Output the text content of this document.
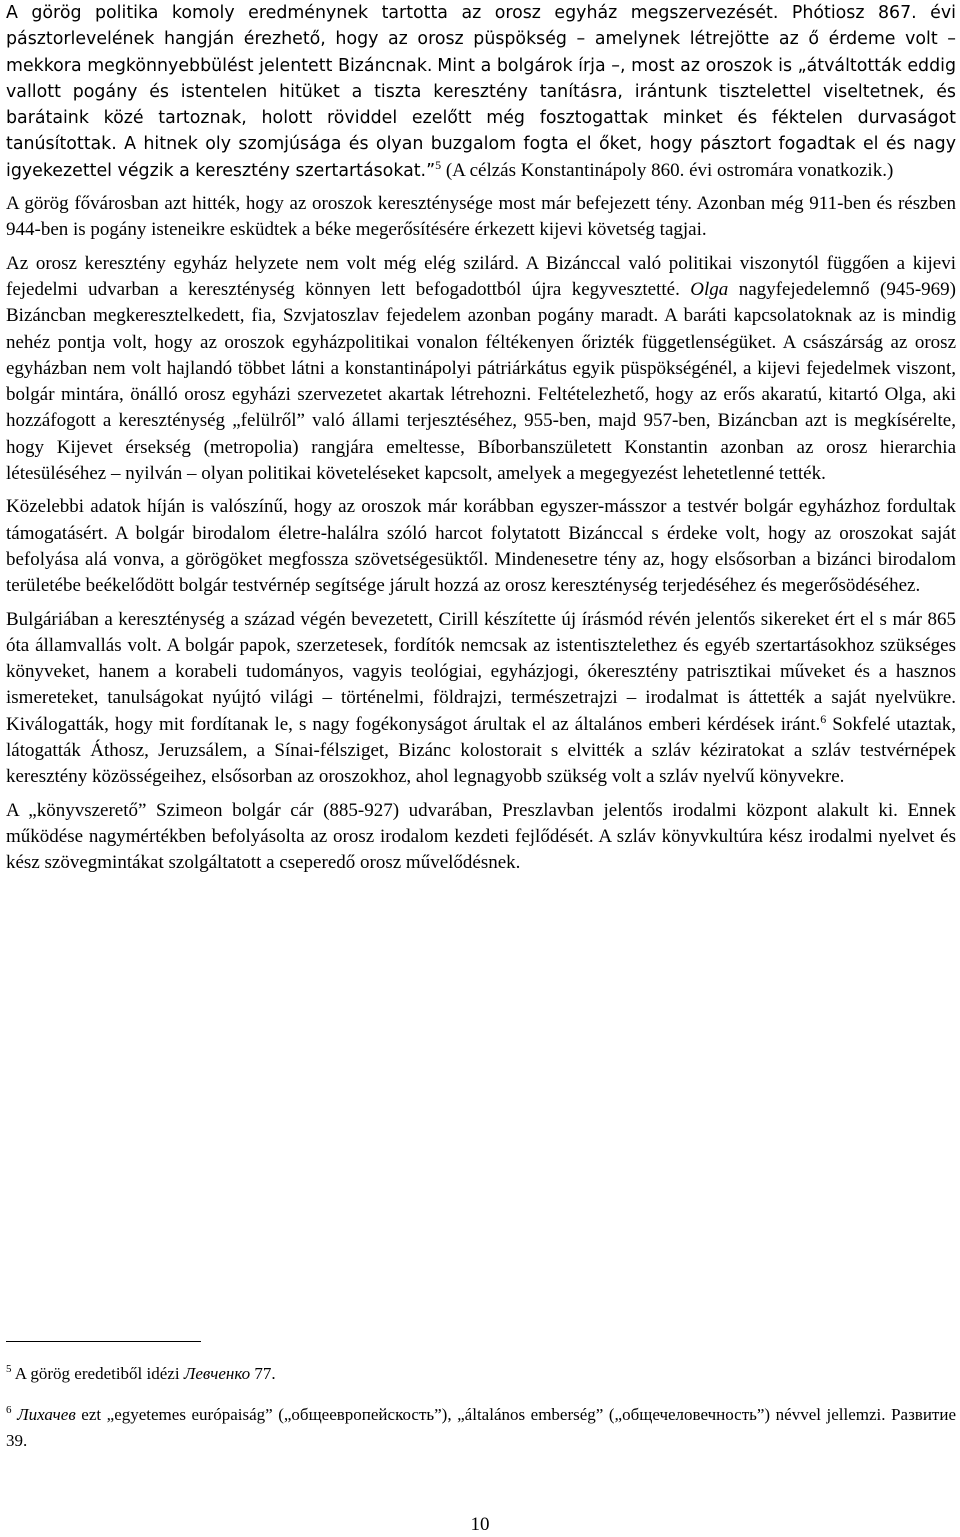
A görög politika komoly eredménynek tartotta az orosz egyház megszervezését. Phótiosz 867. évi pásztorlevelének hangján érezhető, hogy az orosz püspökség – amelynek létrejötte az ő érdeme volt – mekkora megkönnyebbülést jelentett Bizáncnak. Mint a bolgárok írja –, most az oroszok is „átváltották eddig vallott pogány és istentelen hitüket a tiszta keresztény tanításra, irántunk tisztelettel viseltetnek, és barátaink közé tartoznak, holott röviddel ezelőtt még fosztogattak minket és féktelen durvaságot tanúsítottak. A hitnek oly szomjúsága és olyan buzgalom fogta el őket, hogy pásztort fogadtak el és nagy igyekezettel végzik a keresztény szertartásokat.”$^5$ (A célzás Konstantinápoly 860. évi ostromára vonatkozik.)

A görög fővárosban azt hitték, hogy az oroszok kereszténysége most már befejezett tény. Azonban még 911-ben és részben 944-ben is pogány isteneikre esküdtek a béke megerősítésére érkezett kijevi követség tagjai.

Az orosz keresztény egyház helyzete nem volt még elég szilárd. A Bizánccal való politikai viszonytól függően a kijevi fejedelmi udvarban a kereszténység könnyen lett befogadottból újra kegyvesztetté. Olga nagyfejedelemnő (945-969) Bizáncban megkeresztelkedett, fia, Szvjatoszlav fejedelem azonban pogány maradt. A baráti kapcsolatoknak az is mindig nehéz pontja volt, hogy az oroszok egyházpolitikai vonalon féltékenyen őrizték függetlenségüket. A császárság az orosz egyházban nem volt hajlandó többet látni a konstantinápolyi pátriárkátus egyik püspökségénél, a kijevi fejedelmek viszont, bolgár mintára, önálló orosz egyházi szervezetet akartak létrehozni. Feltételezhető, hogy az erős akaratú, kitartó Olga, aki hozzáfogott a kereszténység „felülről” való állami terjesztéséhez, 955-ben, majd 957-ben, Bizáncban azt is megkísérelte, hogy Kijevet érsekség (metropolia) rangjára emeltesse, Bíborbanszületett Konstantin azonban az orosz hierarchia létesüléséhez – nyilván – olyan politikai követeléseket kapcsolt, amelyek a megegyezést lehetetlenné tették.

Közelebbi adatok híján is valószínű, hogy az oroszok már korábban egyszer-másszor a testvér bolgár egyházhoz fordultak támogatásért. A bolgár birodalom életre-halálra szóló harcot folytatott Bizánccal s érdeke volt, hogy az oroszokat saját befolyása alá vonva, a görögöket megfossza szövetségesüktől. Mindenesetre tény az, hogy elsősorban a bizánci birodalom területébe beékelődött bolgár testvérnép segítsége járult hozzá az orosz kereszténység terjedéséhez és megerősödéséhez.

Bulgáriában a kereszténység a század végén bevezetett, Cirill készítette új írásmód révén jelentős sikereket ért el s már 865 óta államvallás volt. A bolgár papok, szerzetesek, fordítók nemcsak az istentisztelethez és egyéb szertartásokhoz szükséges könyveket, hanem a korabeli tudományos, vagyis teológiai, egyházjogi, ókeresztény patrisztikai műveket és a hasznos ismereteket, tanulságokat nyújtó világi – történelmi, földrajzi, természetrajzi – irodalmat is áttették a saját nyelvükre. Kiválogatták, hogy mit fordítanak le, s nagy fogékonyságot árultak el az általános emberi kérdések iránt.$^6$ Sokfelé utaztak, látogatták Áthosz, Jeruzsálem, a Sínai-félsziget, Bizánc kolostorait s elvitték a szláv kéziratokat a szláv testvérnépek keresztény közösségeihez, elsősorban az oroszokhoz, ahol legnagyobb szükség volt a szláv nyelvű könyvekre.

A „könyvszerető” Szimeon bolgár cár (885-927) udvarában, Preszlavban jelentős irodalmi központ alakult ki. Ennek működése nagymértékben befolyásolta az orosz irodalom kezdeti fejlődését. A szláv könyvkultúra kész irodalmi nyelvet és kész szövegmintákat szolgáltatott a cseperedő orosz művelődésnek.

$^5$ A görög eredetiből idézi Левченко 77.
$^6$ Лихачев ezt „egyetemes európaiság” („общеевропейскость”), „általános emberség” („общечеловечность”) névvel jellemzi. Развитие 39.
10
